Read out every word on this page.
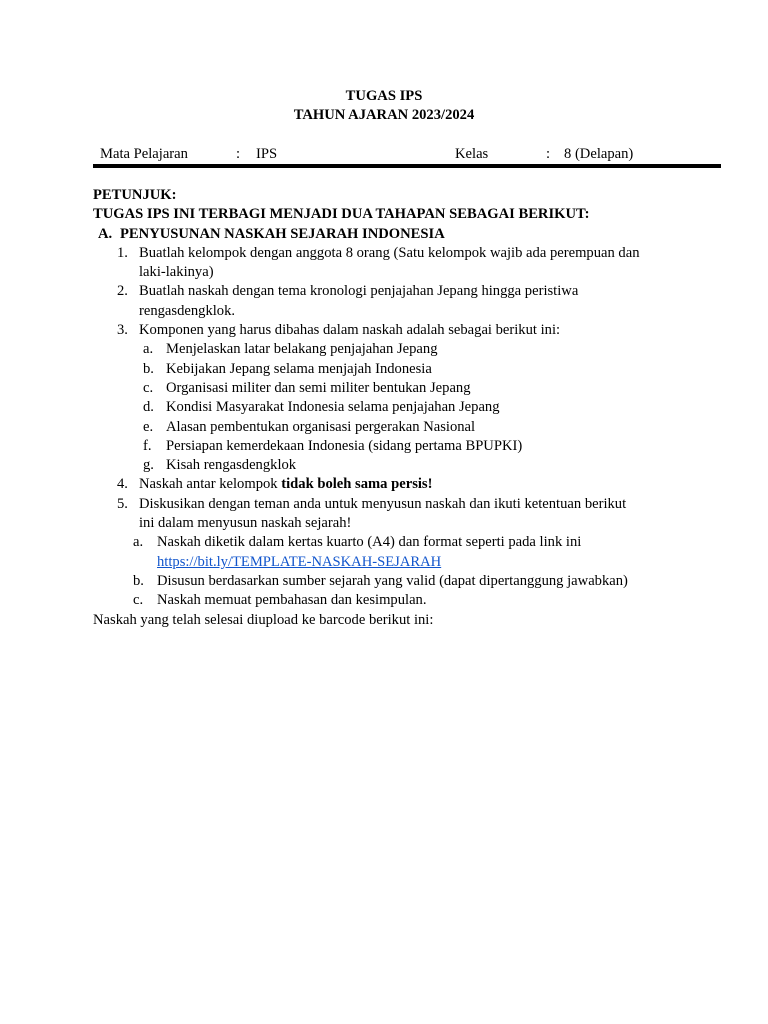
TUGAS IPS
TAHUN AJARAN 2023/2024
Mata Pelajaran	: IPS	Kelas	: 8 (Delapan)
PETUNJUK:
TUGAS IPS INI TERBAGI MENJADI DUA TAHAPAN SEBAGAI BERIKUT:
A. PENYUSUNAN NASKAH SEJARAH INDONESIA
1. Buatlah kelompok dengan anggota 8 orang (Satu kelompok wajib ada perempuan dan
laki-lakinya)
2. Buatlah naskah dengan tema kronologi penjajahan Jepang hingga peristiwa
rengasdengklok.
3. Komponen yang harus dibahas dalam naskah adalah sebagai berikut ini:
a. Menjelaskan latar belakang penjajahan Jepang
b. Kebijakan Jepang selama menjajah Indonesia
c. Organisasi militer dan semi militer bentukan Jepang
d. Kondisi Masyarakat Indonesia selama penjajahan Jepang
e. Alasan pembentukan organisasi pergerakan Nasional
f. Persiapan kemerdekaan Indonesia (sidang pertama BPUPKI)
g. Kisah rengasdengklok
4. Naskah antar kelompok tidak boleh sama persis!
5. Diskusikan dengan teman anda untuk menyusun naskah dan ikuti ketentuan berikut
ini dalam menyusun naskah sejarah!
a. Naskah diketik dalam kertas kuarto (A4) dan format seperti pada link ini
https://bit.ly/TEMPLATE-NASKAH-SEJARAH
b. Disusun berdasarkan sumber sejarah yang valid (dapat dipertanggung jawabkan)
c. Naskah memuat pembahasan dan kesimpulan.
Naskah yang telah selesai diupload ke barcode berikut ini:
